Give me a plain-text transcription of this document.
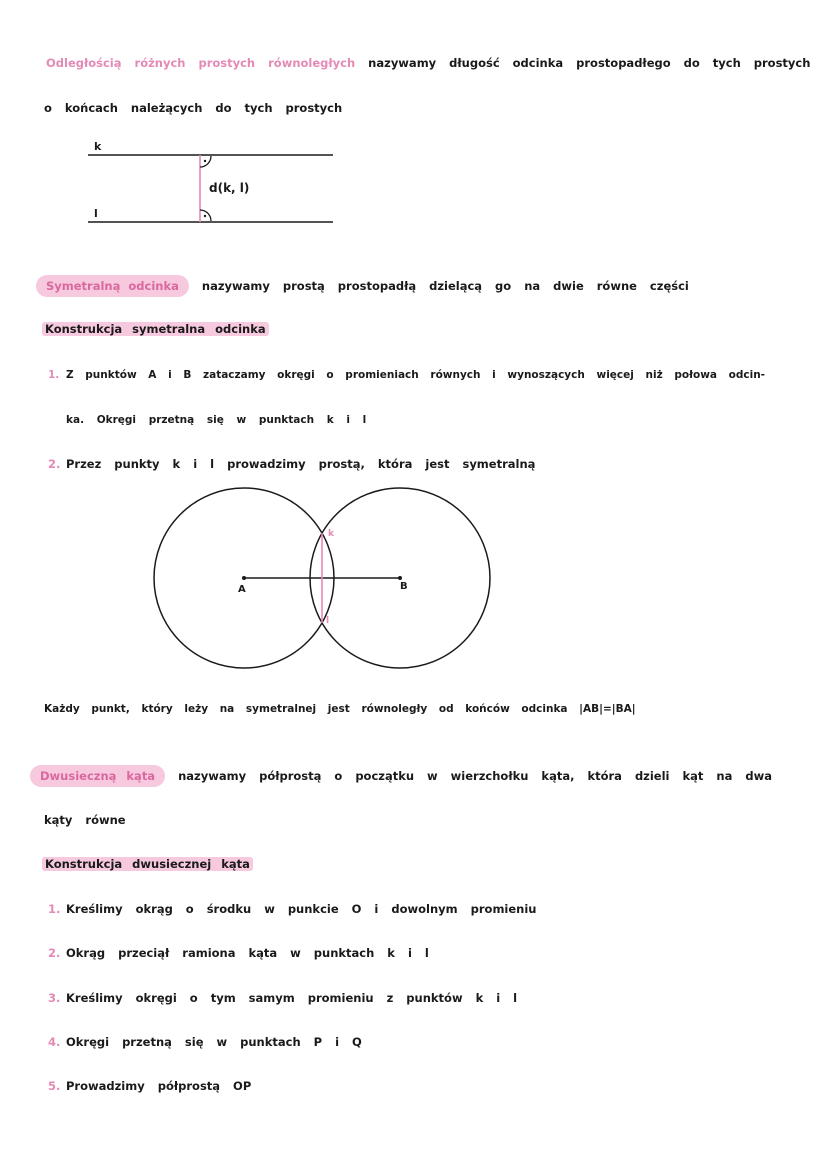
Odległością różnych prostych równoległych nazywamy długość odcinka prostopadłego do tych prostych
o końcach należących do tych prostych
k
l
d(k, l)
A	B
k
l
Symetralną odcinka nazywamy prostą prostopadłą dzielącą go na dwie równe części
Konstrukcja symetralna odcinka
1. Z punktów A i B zataczamy okręgi o promieniach równych i wynoszących więcej niż połowa odcin-
ka. Okręgi przetną się w punktach k i l
2. Przez punkty k i l prowadzimy prostą, która jest symetralną
Każdy punkt, który leży na symetralnej jest równoległy od końców odcinka |AB|=|BA|
Dwusieczną kąta nazywamy półprostą o początku w wierzchołku kąta, która dzieli kąt na dwa
kąty równe
Konstrukcja dwusiecznej kąta
1. Kreślimy okrąg o środku w punkcie O i dowolnym promieniu
2. Okrąg przeciął ramiona kąta w punktach k i l
3. Kreślimy okręgi o tym samym promieniu z punktów k i l
4. Okręgi przetną się w punktach P i Q
5. Prowadzimy półprostą OP
